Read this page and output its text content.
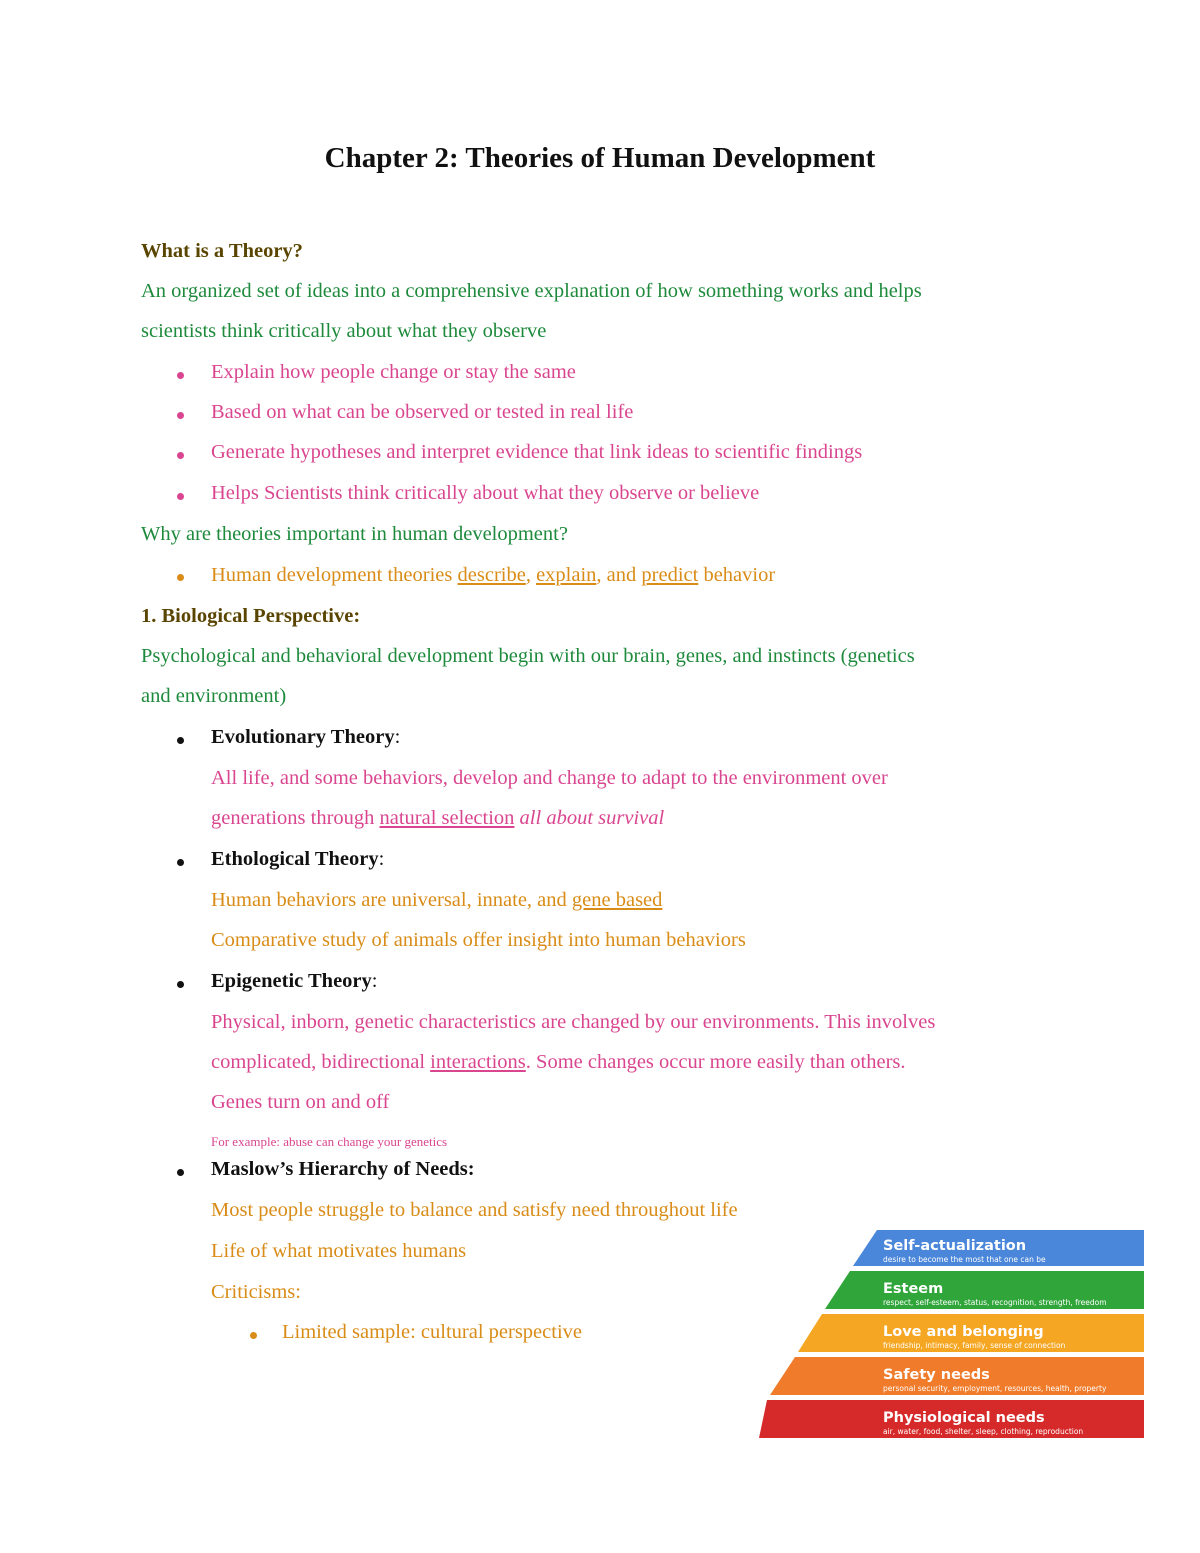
Chapter 2: Theories of Human Development
What is a Theory?
An organized set of ideas into a comprehensive explanation of how something works and helps
scientists think critically about what they observe
Explain how people change or stay the same
Based on what can be observed or tested in real life
Generate hypotheses and interpret evidence that link ideas to scientific findings
Helps Scientists think critically about what they observe or believe
Why are theories important in human development?
Human development theories describe, explain, and predict behavior
1. Biological Perspective:
Psychological and behavioral development begin with our brain, genes, and instincts (genetics
and environment)
Evolutionary Theory:
All life, and some behaviors, develop and change to adapt to the environment over
generations through natural selection all about survival
Ethological Theory:
Human behaviors are universal, innate, and gene based
Comparative study of animals offer insight into human behaviors
Epigenetic Theory:
Physical, inborn, genetic characteristics are changed by our environments. This involves
complicated, bidirectional interactions. Some changes occur more easily than others.
Genes turn on and off
For example: abuse can change your genetics
Maslow’s Hierarchy of Needs:
Most people struggle to balance and satisfy need throughout life
Life of what motivates humans
Criticisms:
Limited sample: cultural perspective
Self-actualization
desire to become the most that one can be
Esteem
respect, self-esteem, status, recognition, strength, freedom
Love and belonging
friendship, intimacy, family, sense of connection
Safety needs
personal security, employment, resources, health, property
Physiological needs
air, water, food, shelter, sleep, clothing, reproduction
